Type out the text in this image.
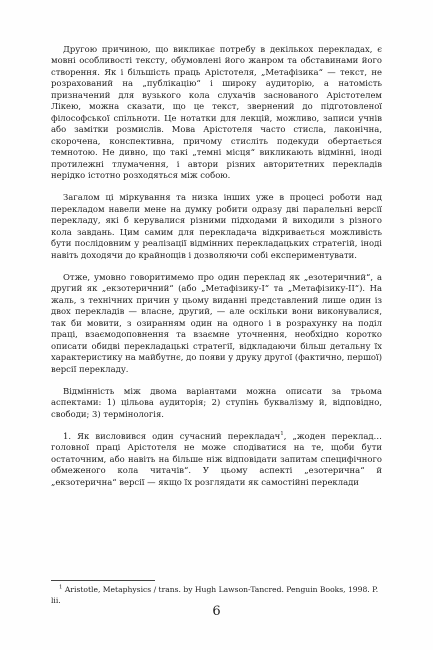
Другою причиною, що викликає потребу в декількох перекладах, є мовні особливості тексту, обумовлені його жанром та обставинами його створення. Як і більшість праць Арістотеля, „Метафізика“ — текст, не розрахований на „публікацію“ і широку аудиторію, а натомість призначений для вузького кола слухачів заснованого Арістотелем Лікею, можна сказати, що це текст, звернений до підготовленої філософської спільноти. Це нотатки для лекцій, можливо, записи учнів або замітки розмислів. Мова Арістотеля часто стисла, лаконічна, скорочена, конспективна, причому стисліть подекуди обертається темнотою. Не дивно, що такі „темні місця“ викликають відмінні, іноді протилежні тлумачення, і автори різних авторитетних перекладів нерідко істотно розходяться між собою.

Загалом ці міркування та низка інших уже в процесі роботи над перекладом навели мене на думку робити одразу дві паралельні версії перекладу, які б керувалися різними підходами й виходили з різного кола завдань. Цим самим для перекладача відкривається можливість бути послідовним у реалізації відмінних перекладацьких стратегій, іноді навіть доходячи до крайнощів і дозволяючи собі експериментувати.

Отже, умовно говоритимемо про один переклад як „езотеричний“, а другий як „екзотеричний“ (або „Метафізику-I“ та „Метафізику-II“). На жаль, з технічних причин у цьому виданні представлений лише один із двох перекладів — власне, другий, — але оскільки вони виконувалися, так би мовити, з озиранням один на одного і в розрахунку на поділ праці, взаємодоповнення та взаємне уточнення, необхідно коротко описати обидві перекладацькі стратегії, відкладаючи більш детальну їх характеристику на майбутнє, до появи у друку другої (фактично, першої) версії перекладу.

Відмінність між двома варіантами можна описати за трьома аспектами: 1) цільова аудиторія; 2) ступінь буквалізму й, відповідно, свободи; 3) термінологія.

1. Як висловився один сучасний перекладач$^1$, „жоден переклад… головної праці Арістотеля не може сподіватися на те, щоби бути остаточним, або навіть на більше ніж відповідати запитам специфічного обмеженого кола читачів“. У цьому аспекті „езотерична“ й „екзотерична“ версії — якщо їх розглядати як самостійні переклади

$^1$ Aristotle, Metaphysics / trans. by Hugh Lawson-Tancred. Penguin Books, 1998. P. lii.
6
